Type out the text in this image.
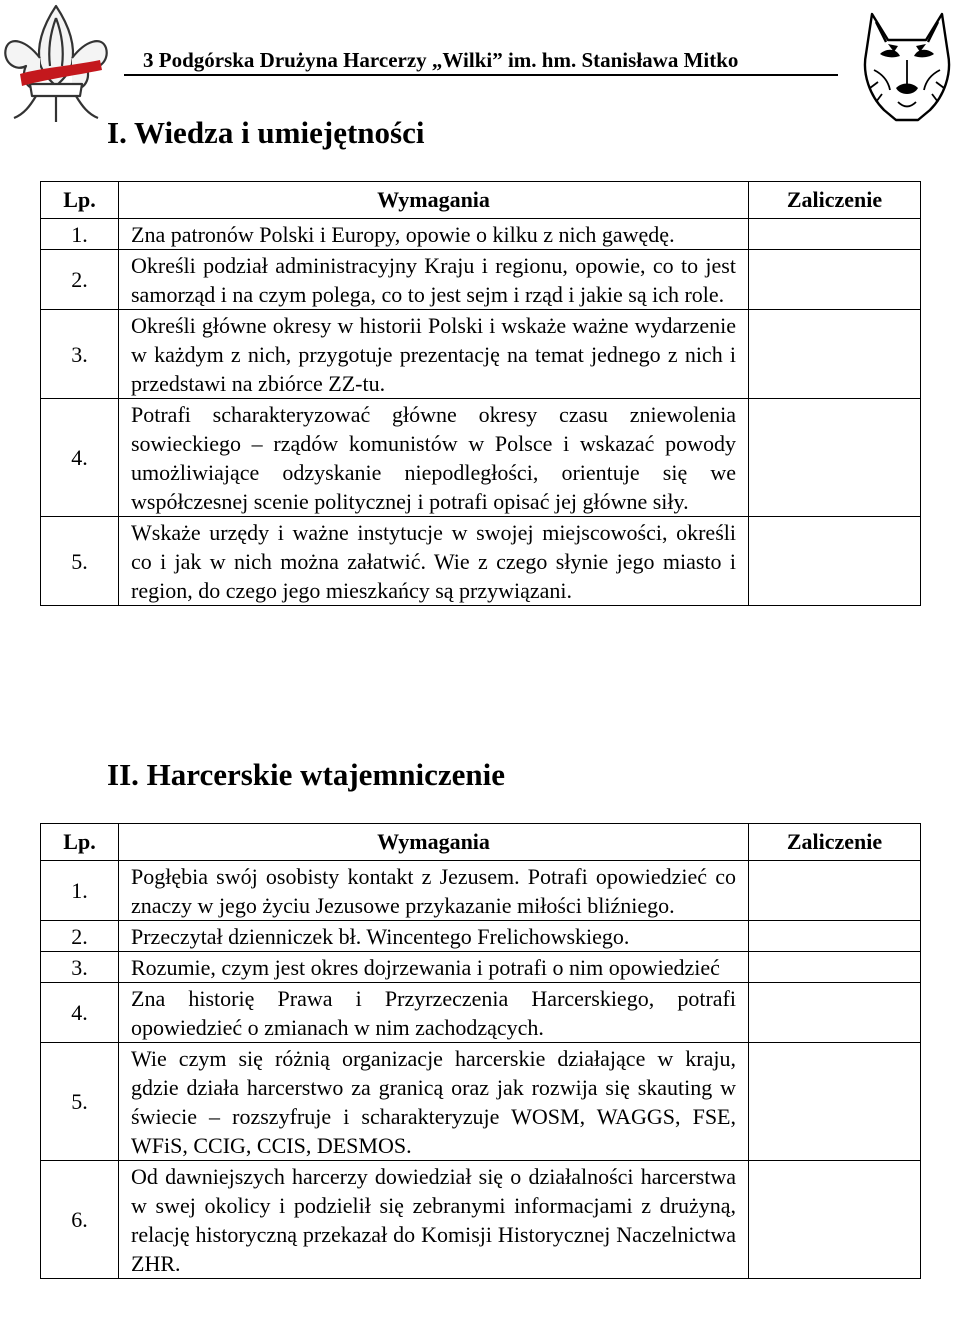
3 Podgórska Drużyna Harcerzy „Wilki” im. hm. Stanisława Mitko
I. Wiedza i umiejętności
Lp.	Wymagania	Zaliczenie
1.	Zna patronów Polski i Europy, opowie o kilku z nich gawędę.	
2.	Określi podział administracyjny Kraju i regionu, opowie, co to jest samorząd i na czym polega, co to jest sejm i rząd i jakie są ich role.	
3.	Określi główne okresy w historii Polski i wskaże ważne wydarzenie w każdym z nich, przygotuje prezentację na temat jednego z nich i przedstawi na zbiórce ZZ-tu.	
4.	Potrafi scharakteryzować główne okresy czasu zniewolenia sowieckiego – rządów komunistów w Polsce i wskazać powody umożliwiające odzyskanie niepodległości, orientuje się we współczesnej scenie politycznej i potrafi opisać jej główne siły.	
5.	Wskaże urzędy i ważne instytucje w swojej miejscowości, określi co i jak w nich można załatwić. Wie z czego słynie jego miasto i region, do czego jego mieszkańcy są przywiązani.	
II. Harcerskie wtajemniczenie
Lp.	Wymagania	Zaliczenie
1.	Pogłębia swój osobisty kontakt z Jezusem. Potrafi opowiedzieć co znaczy w jego życiu Jezusowe przykazanie miłości bliźniego.	
2.	Przeczytał dzienniczek bł. Wincentego Frelichowskiego.	
3.	Rozumie, czym jest okres dojrzewania i potrafi o nim opowiedzieć	
4.	Zna historię Prawa i Przyrzeczenia Harcerskiego, potrafi opowiedzieć o zmianach w nim zachodzących.	
5.	Wie czym się różnią organizacje harcerskie działające w kraju, gdzie działa harcerstwo za granicą oraz jak rozwija się skauting w świecie – rozszyfruje i scharakteryzuje WOSM, WAGGS, FSE, WFiS, CCIG, CCIS, DESMOS.	
6.	Od dawniejszych harcerzy dowiedział się o działalności harcerstwa w swej okolicy i podzielił się zebranymi informacjami z drużyną, relację historyczną przekazał do Komisji Historycznej Naczelnictwa ZHR.	
